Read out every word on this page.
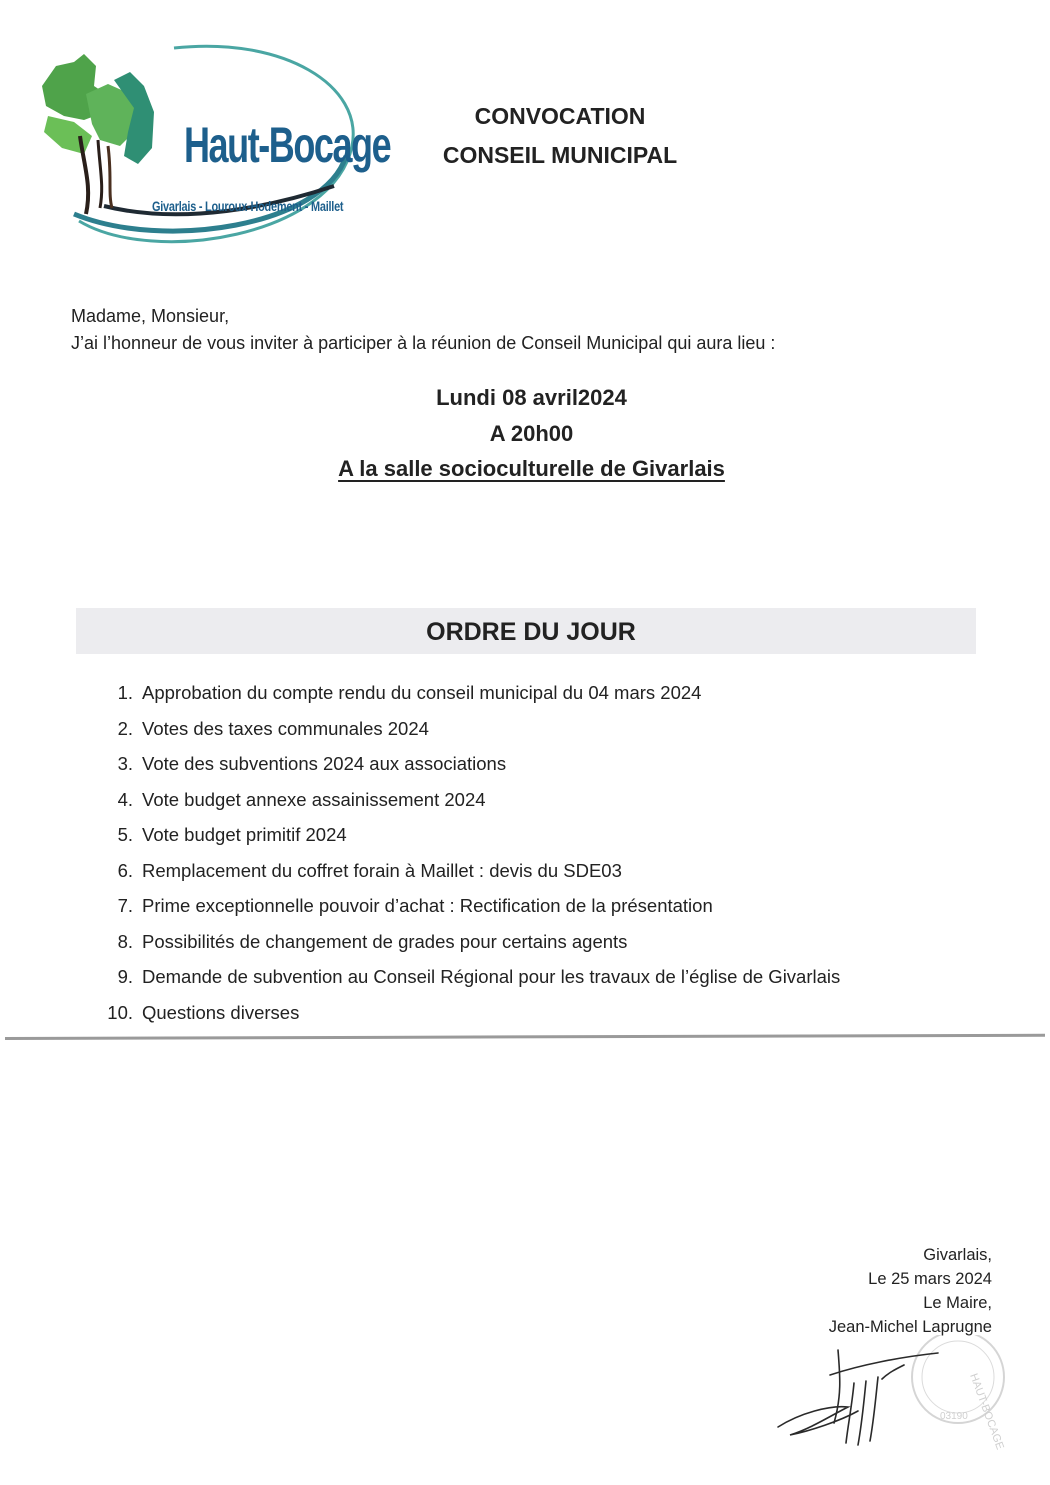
Haut-Bocage
Givarlais - Louroux-Hodement - Maillet
CONVOCATION
CONSEIL MUNICIPAL
Madame, Monsieur,
J’ai l’honneur de vous inviter à participer à la réunion de Conseil Municipal qui aura lieu :
Lundi 08 avril2024
A 20h00
A la salle socioculturelle de Givarlais
ORDRE DU JOUR
1 . Approbation du compte rendu du conseil municipal du 04 mars 2024
2 . Votes des taxes communales 2024
3 . Vote des subventions 2024 aux associations
4 . Vote budget annexe assainissement 2024
5 . Vote budget primitif 2024
6 . Remplacement du coffret forain à Maillet : devis du SDE03
7 . Prime exceptionnelle pouvoir d’achat : Rectification de la présentation
8 . Possibilités de changement de grades pour certains agents
9 . Demande de subvention au Conseil Régional pour les travaux de l’église de Givarlais
10 . Questions diverses
Givarlais,
Le 25 mars 2024
Le Maire,
Jean-Michel Laprugne
HAUT-BOCAGE
03190
